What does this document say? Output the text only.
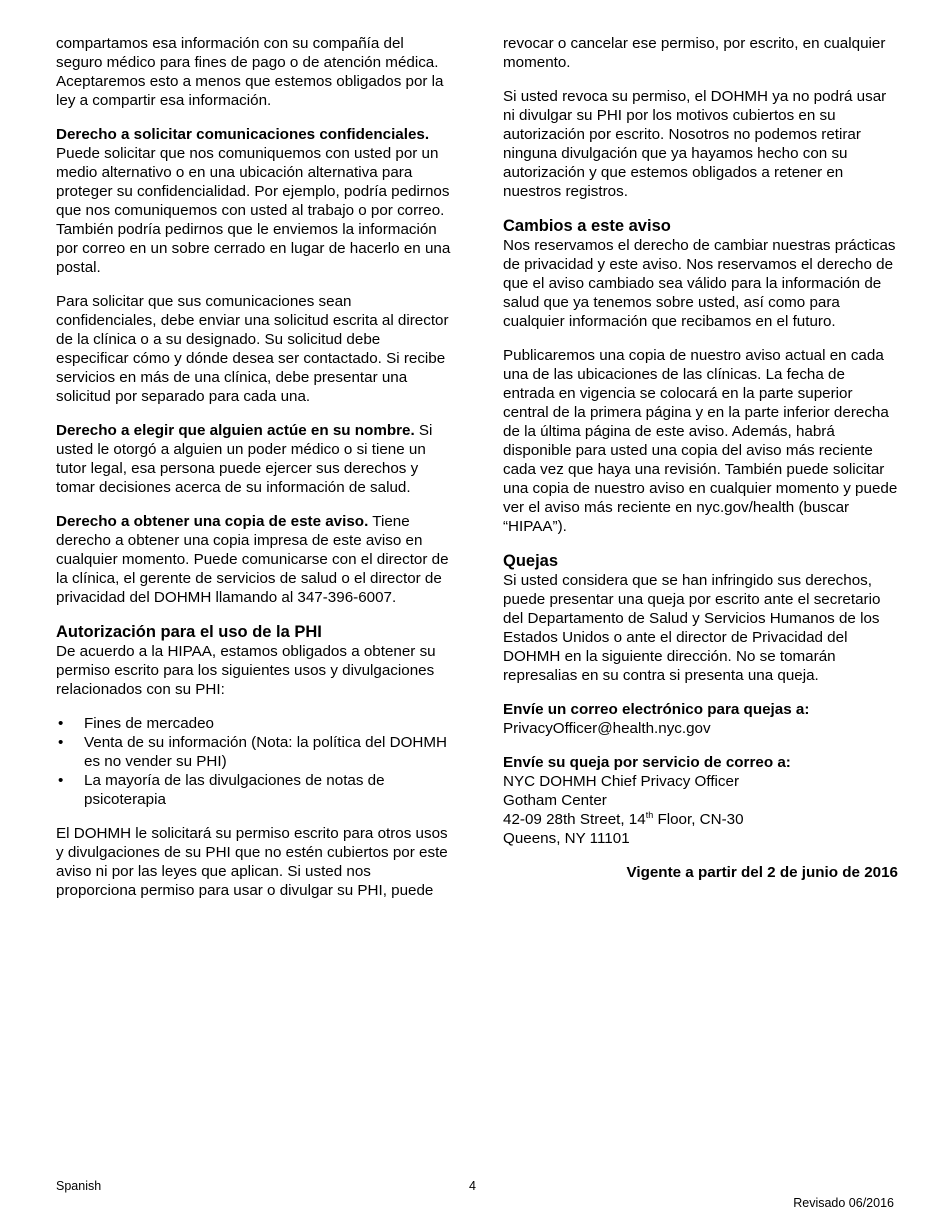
compartamos esa información con su compañía del seguro médico para fines de pago o de atención médica. Aceptaremos esto a menos que estemos obligados por la ley a compartir esa información.

Derecho a solicitar comunicaciones confidenciales.
Puede solicitar que nos comuniquemos con usted por un medio alternativo o en una ubicación alternativa para proteger su confidencialidad. Por ejemplo, podría pedirnos que nos comuniquemos con usted al trabajo o por correo. También podría pedirnos que le enviemos la información por correo en un sobre cerrado en lugar de hacerlo en una postal.

Para solicitar que sus comunicaciones sean confidenciales, debe enviar una solicitud escrita al director de la clínica o a su designado. Su solicitud debe especificar cómo y dónde desea ser contactado. Si recibe servicios en más de una clínica, debe presentar una solicitud por separado para cada una.

Derecho a elegir que alguien actúe en su nombre. Si usted le otorgó a alguien un poder médico o si tiene un tutor legal, esa persona puede ejercer sus derechos y tomar decisiones acerca de su información de salud.

Derecho a obtener una copia de este aviso. Tiene derecho a obtener una copia impresa de este aviso en cualquier momento. Puede comunicarse con el director de la clínica, el gerente de servicios de salud o el director de privacidad del DOHMH llamando al 347-396-6007.

Autorización para el uso de la PHI

De acuerdo a la HIPAA, estamos obligados a obtener su permiso escrito para los siguientes usos y divulgaciones relacionados con su PHI:

• Fines de mercadeo
• Venta de su información (Nota: la política del DOHMH es no vender su PHI)
• La mayoría de las divulgaciones de notas de psicoterapia

El DOHMH le solicitará su permiso escrito para otros usos y divulgaciones de su PHI que no estén cubiertos por este aviso ni por las leyes que aplican. Si usted nos proporciona permiso para usar o divulgar su PHI, puede

revocar o cancelar ese permiso, por escrito, en cualquier momento.

Si usted revoca su permiso, el DOHMH ya no podrá usar ni divulgar su PHI por los motivos cubiertos en su autorización por escrito. Nosotros no podemos retirar ninguna divulgación que ya hayamos hecho con su autorización y que estemos obligados a retener en nuestros registros.

Cambios a este aviso

Nos reservamos el derecho de cambiar nuestras prácticas de privacidad y este aviso. Nos reservamos el derecho de que el aviso cambiado sea válido para la información de salud que ya tenemos sobre usted, así como para cualquier información que recibamos en el futuro.

Publicaremos una copia de nuestro aviso actual en cada una de las ubicaciones de las clínicas. La fecha de entrada en vigencia se colocará en la parte superior central de la primera página y en la parte inferior derecha de la última página de este aviso. Además, habrá disponible para usted una copia del aviso más reciente cada vez que haya una revisión. También puede solicitar una copia de nuestro aviso en cualquier momento y puede ver el aviso más reciente en nyc.gov/health (buscar “HIPAA”).

Quejas

Si usted considera que se han infringido sus derechos, puede presentar una queja por escrito ante el secretario del Departamento de Salud y Servicios Humanos de los Estados Unidos o ante el director de Privacidad del DOHMH en la siguiente dirección. No se tomarán represalias en su contra si presenta una queja.

Envíe un correo electrónico para quejas a:
PrivacyOfficer@health.nyc.gov

Envíe su queja por servicio de correo a:
NYC DOHMH Chief Privacy Officer
Gotham Center
42-09 28th Street, 14th Floor, CN-30
Queens, NY 11101

Vigente a partir del 2 de junio de 2016
Spanish	4
Revisado 06/2016
